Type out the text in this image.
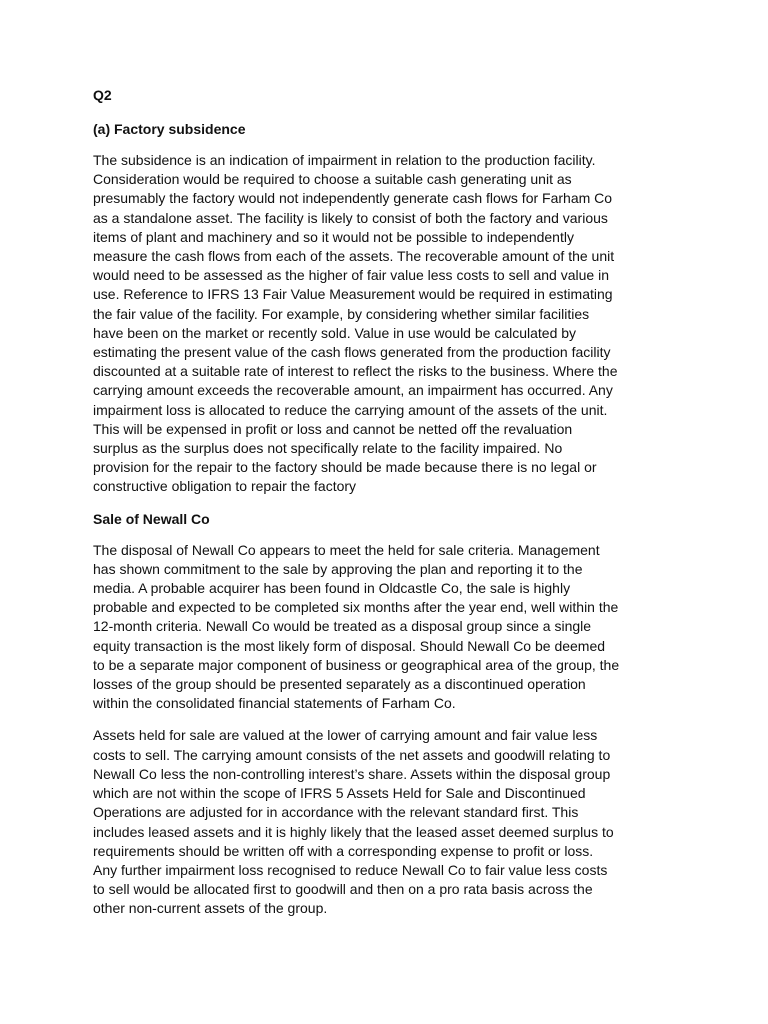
Q2

(a) Factory subsidence

The subsidence is an indication of impairment in relation to the production facility.
Consideration would be required to choose a suitable cash generating unit as
presumably the factory would not independently generate cash flows for Farham Co
as a standalone asset. The facility is likely to consist of both the factory and various
items of plant and machinery and so it would not be possible to independently
measure the cash flows from each of the assets. The recoverable amount of the unit
would need to be assessed as the higher of fair value less costs to sell and value in
use. Reference to IFRS 13 Fair Value Measurement would be required in estimating
the fair value of the facility. For example, by considering whether similar facilities
have been on the market or recently sold. Value in use would be calculated by
estimating the present value of the cash flows generated from the production facility
discounted at a suitable rate of interest to reflect the risks to the business. Where the
carrying amount exceeds the recoverable amount, an impairment has occurred. Any
impairment loss is allocated to reduce the carrying amount of the assets of the unit.
This will be expensed in profit or loss and cannot be netted off the revaluation
surplus as the surplus does not specifically relate to the facility impaired. No
provision for the repair to the factory should be made because there is no legal or
constructive obligation to repair the factory

Sale of Newall Co

The disposal of Newall Co appears to meet the held for sale criteria. Management
has shown commitment to the sale by approving the plan and reporting it to the
media. A probable acquirer has been found in Oldcastle Co, the sale is highly
probable and expected to be completed six months after the year end, well within the
12-month criteria. Newall Co would be treated as a disposal group since a single
equity transaction is the most likely form of disposal. Should Newall Co be deemed
to be a separate major component of business or geographical area of the group, the
losses of the group should be presented separately as a discontinued operation
within the consolidated financial statements of Farham Co.

Assets held for sale are valued at the lower of carrying amount and fair value less
costs to sell. The carrying amount consists of the net assets and goodwill relating to
Newall Co less the non-controlling interest’s share. Assets within the disposal group
which are not within the scope of IFRS 5 Assets Held for Sale and Discontinued
Operations are adjusted for in accordance with the relevant standard first. This
includes leased assets and it is highly likely that the leased asset deemed surplus to
requirements should be written off with a corresponding expense to profit or loss.
Any further impairment loss recognised to reduce Newall Co to fair value less costs
to sell would be allocated first to goodwill and then on a pro rata basis across the
other non-current assets of the group.
